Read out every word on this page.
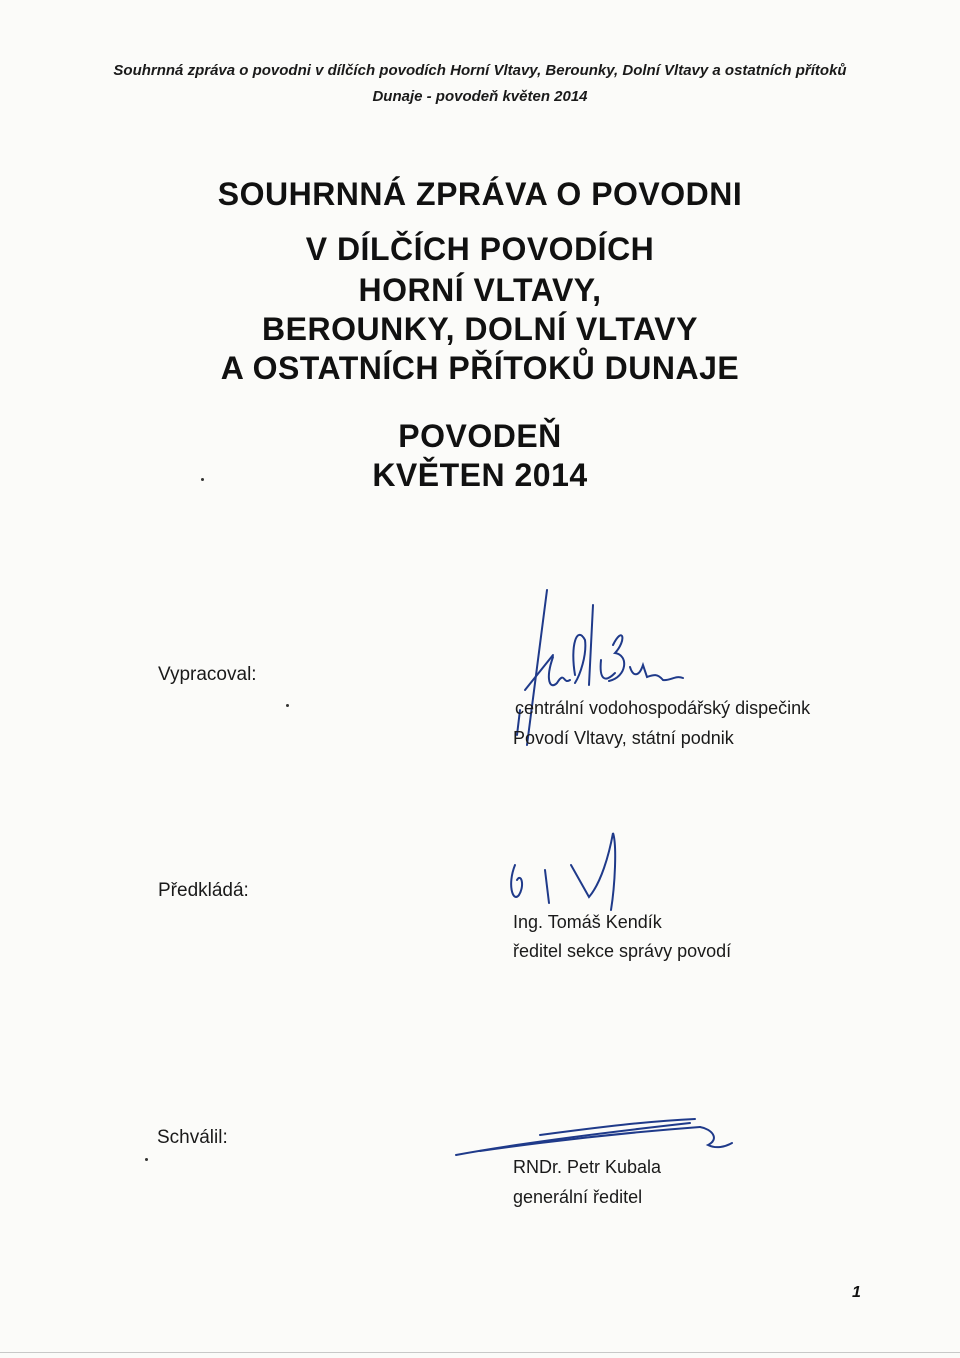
Souhrnná zpráva o povodni v dílčích povodích Horní Vltavy, Berounky, Dolní Vltavy a ostatních přítoků
Dunaje - povodeň květen 2014
SOUHRNNÁ ZPRÁVA O POVODNI
V DÍLČÍCH POVODÍCH
HORNÍ VLTAVY,
BEROUNKY, DOLNÍ VLTAVY
A OSTATNÍCH PŘÍTOKŮ DUNAJE
POVODEŇ
KVĚTEN 2014
Vypracoval:
centrální vodohospodářský dispečink
Povodí Vltavy, státní podnik
Předkládá:
Ing. Tomáš Kendík
ředitel sekce správy povodí
Schválil:
RNDr. Petr Kubala
generální ředitel
1
